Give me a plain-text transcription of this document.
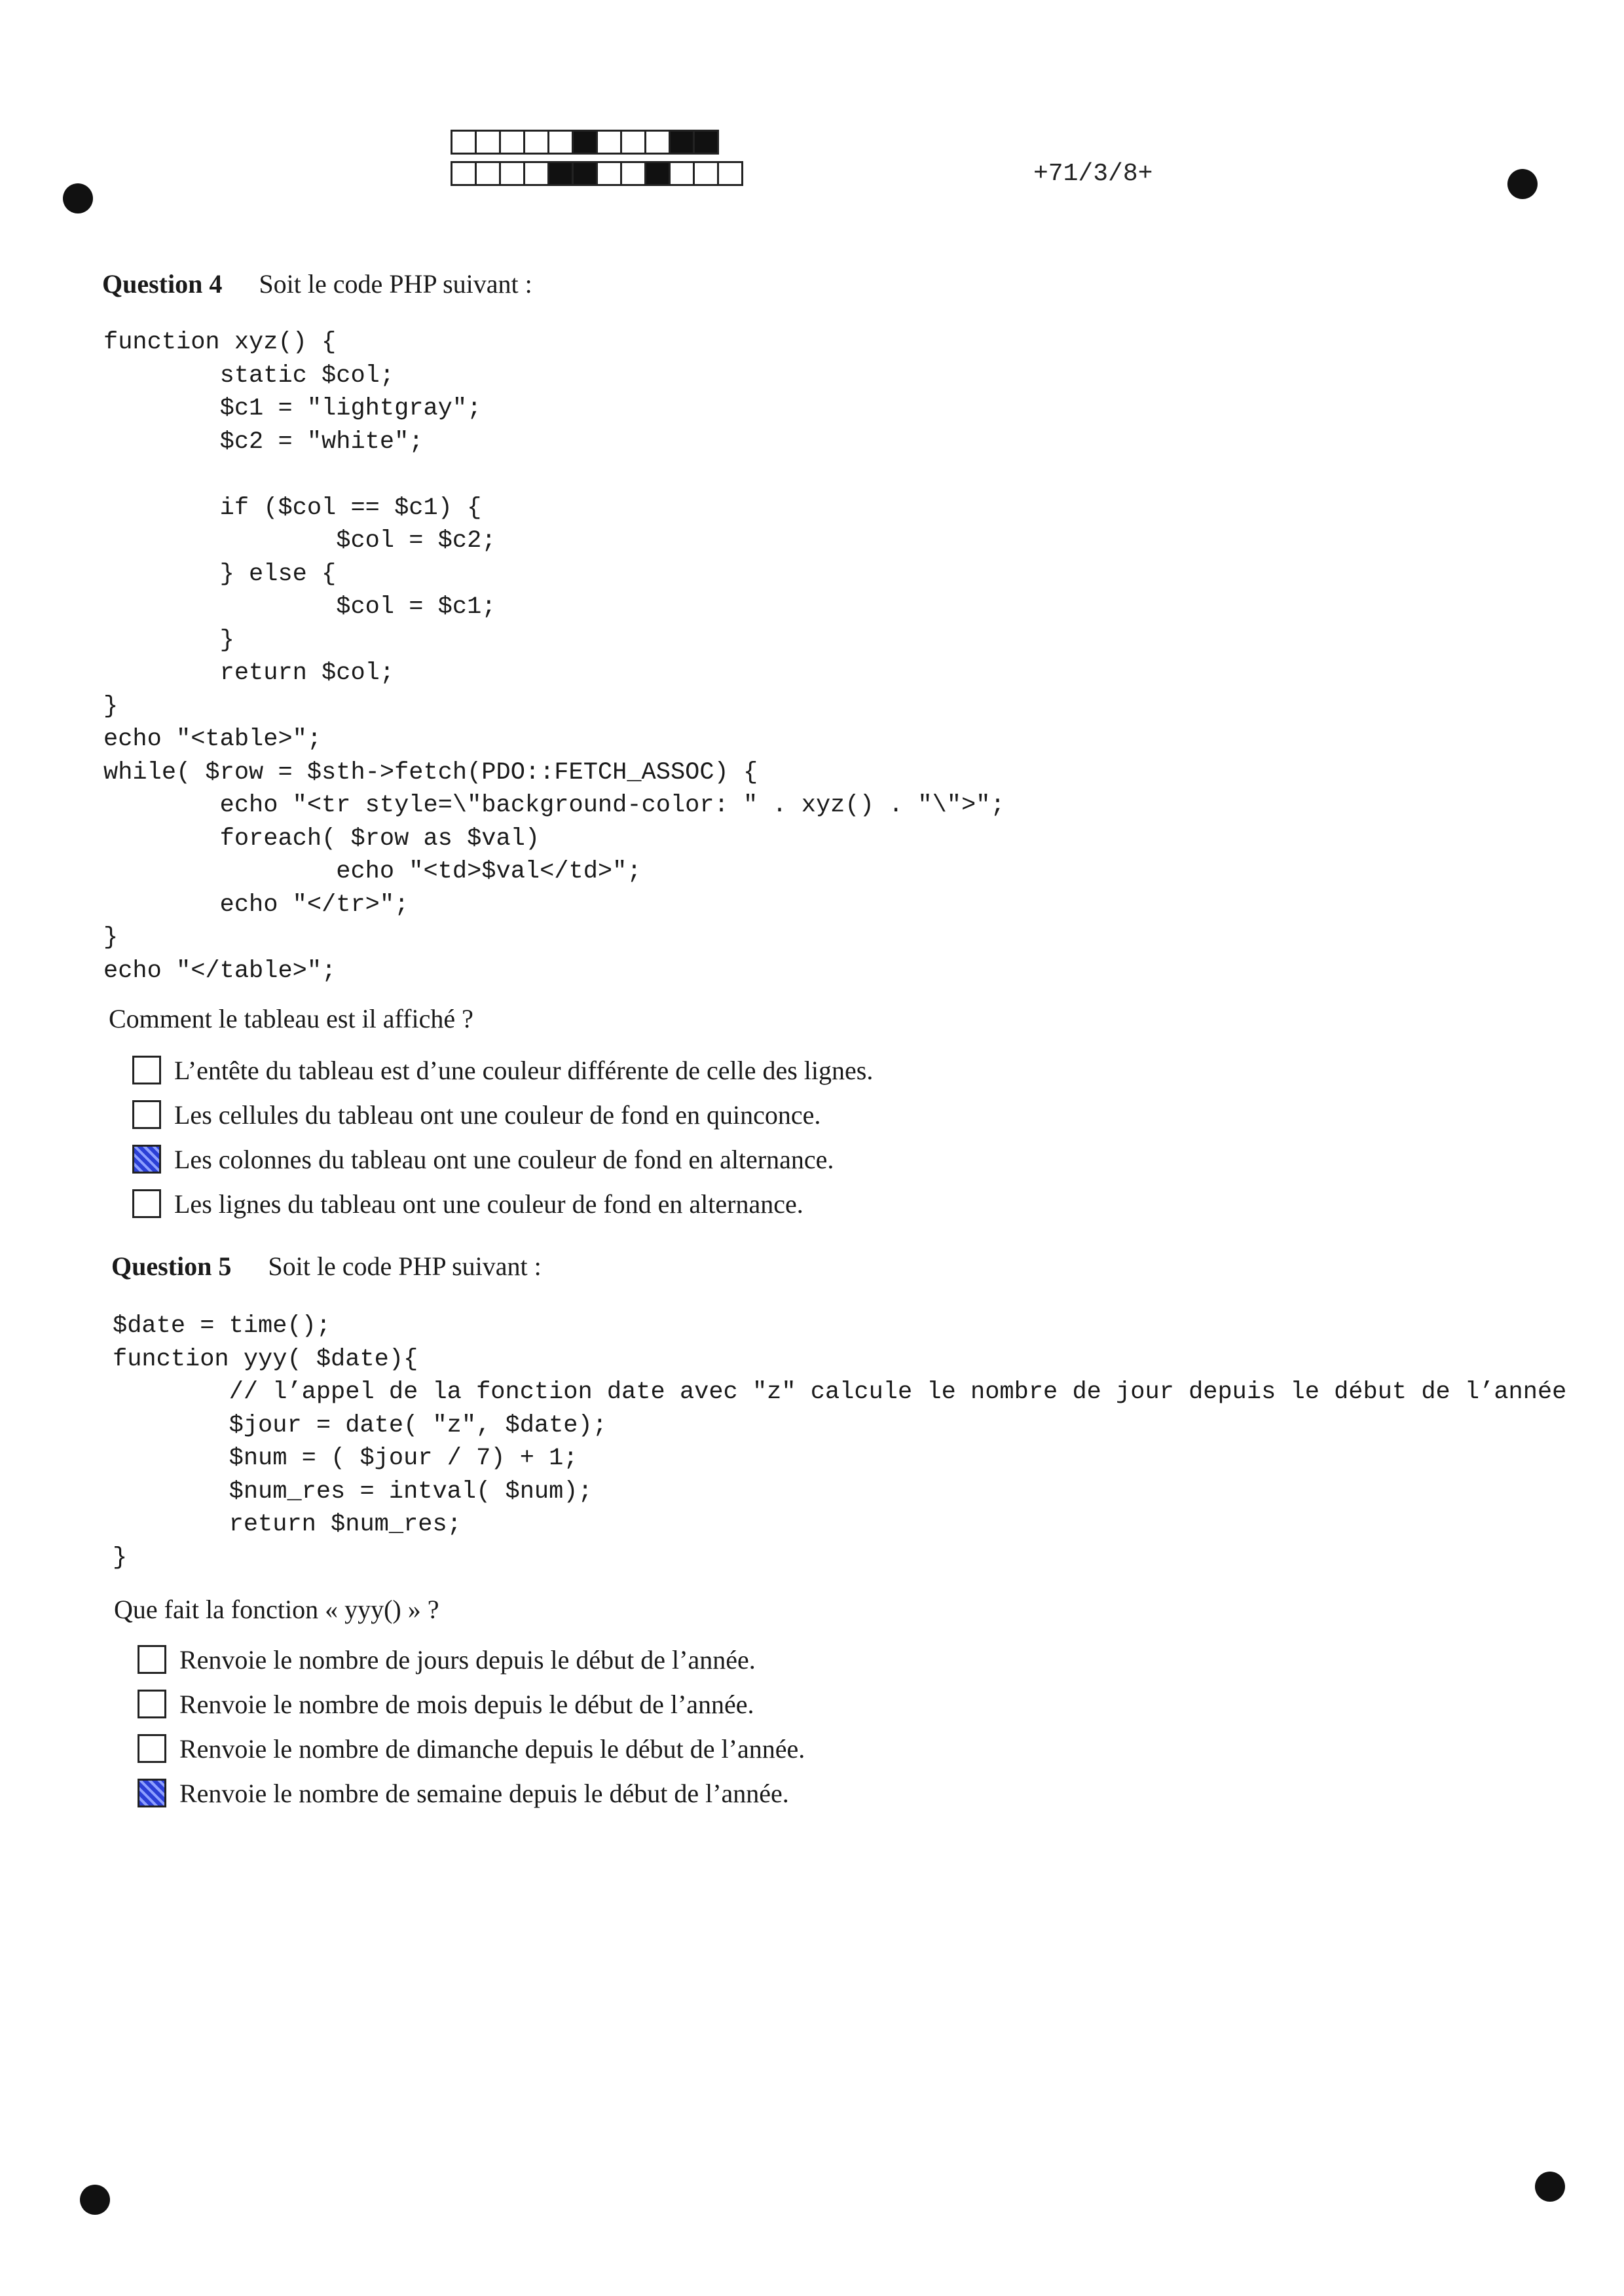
+71/3/8+
Question 4 Soit le code PHP suivant :
function xyz() {
static $col;
$c1 = "lightgray";
$c2 = "white";

if ($col == $c1) {
$col = $c2;
} else {
$col = $c1;
}
return $col;
}
echo "<table>";
while( $row = $sth->fetch(PDO::FETCH_ASSOC) {
echo "<tr style=\"background-color: " . xyz() . "\">";
foreach( $row as $val)
echo "<td>$val</td>";
echo "</tr>";
}
echo "</table>";
Comment le tableau est il affiché ?
L’entête du tableau est d’une couleur différente de celle des lignes.
Les cellules du tableau ont une couleur de fond en quinconce.
Les colonnes du tableau ont une couleur de fond en alternance.
Les lignes du tableau ont une couleur de fond en alternance.
Question 5 Soit le code PHP suivant :
$date = time();
function yyy( $date){
// l’appel de la fonction date avec "z" calcule le nombre de jour depuis le début de l’année
$jour = date( "z", $date);
$num = ( $jour / 7) + 1;
$num_res = intval( $num);
return $num_res;
}
Que fait la fonction « yyy() » ?
Renvoie le nombre de jours depuis le début de l’année.
Renvoie le nombre de mois depuis le début de l’année.
Renvoie le nombre de dimanche depuis le début de l’année.
Renvoie le nombre de semaine depuis le début de l’année.
